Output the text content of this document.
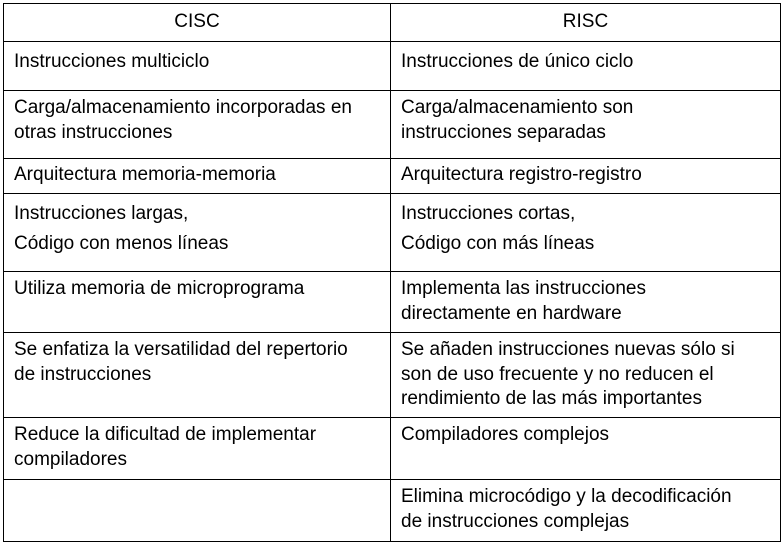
CISC	RISC

Instrucciones multiciclo	Instrucciones de único ciclo

Carga/almacenamiento incorporadas en
otras instrucciones	Carga/almacenamiento son
instrucciones separadas

Arquitectura memoria-memoria	Arquitectura registro-registro

Instrucciones largas,
Código con menos líneas	Instrucciones cortas,
Código con más líneas

Utiliza memoria de microprograma	Implementa las instrucciones
directamente en hardware

Se enfatiza la versatilidad del repertorio
de instrucciones	Se añaden instrucciones nuevas sólo si
son de uso frecuente y no reducen el
rendimiento de las más importantes

Reduce la dificultad de implementar
compiladores	Compiladores complejos

	Elimina microcódigo y la decodificación
de instrucciones complejas
